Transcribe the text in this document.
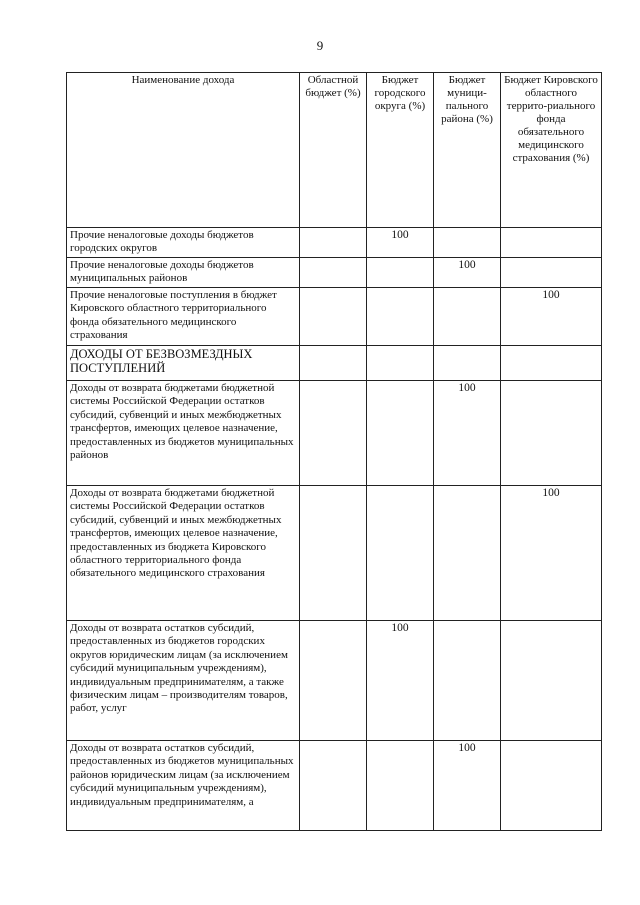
9
Наименование дохода	Областной бюджет (%)	Бюджет городского округа (%)	Бюджет муници-пального района (%)	Бюджет Кировского областного террито-риального фонда обязательного медицинского страхования (%)
Прочие неналоговые доходы бюджетов городских округов		100		
Прочие неналоговые доходы бюджетов муниципальных районов			100	
Прочие неналоговые поступления в бюджет Кировского областного территориального фонда обязательного медицинского страхования				100
ДОХОДЫ ОТ БЕЗВОЗМЕЗДНЫХ ПОСТУПЛЕНИЙ				
Доходы от возврата бюджетами бюджетной системы Российской Федерации остатков субсидий, субвенций и иных межбюджетных трансфертов, имеющих целевое назначение, предоставленных из бюджетов муниципальных районов			100	
Доходы от возврата бюджетами бюджетной системы Российской Федерации остатков субсидий, субвенций и иных межбюджетных трансфертов, имеющих целевое назначение, предоставленных из бюджета Кировского областного территориального фонда обязательного медицинского страхования				100
Доходы от возврата остатков субсидий, предоставленных из бюджетов городских округов юридическим лицам (за исключением субсидий муниципальным учреждениям), индивидуальным предпринимателям, а также физическим лицам – производителям товаров, работ, услуг		100		
Доходы от возврата остатков субсидий, предоставленных из бюджетов муниципальных районов юридическим лицам (за исключением субсидий муниципальным учреждениям), индивидуальным предпринимателям, а			100	
